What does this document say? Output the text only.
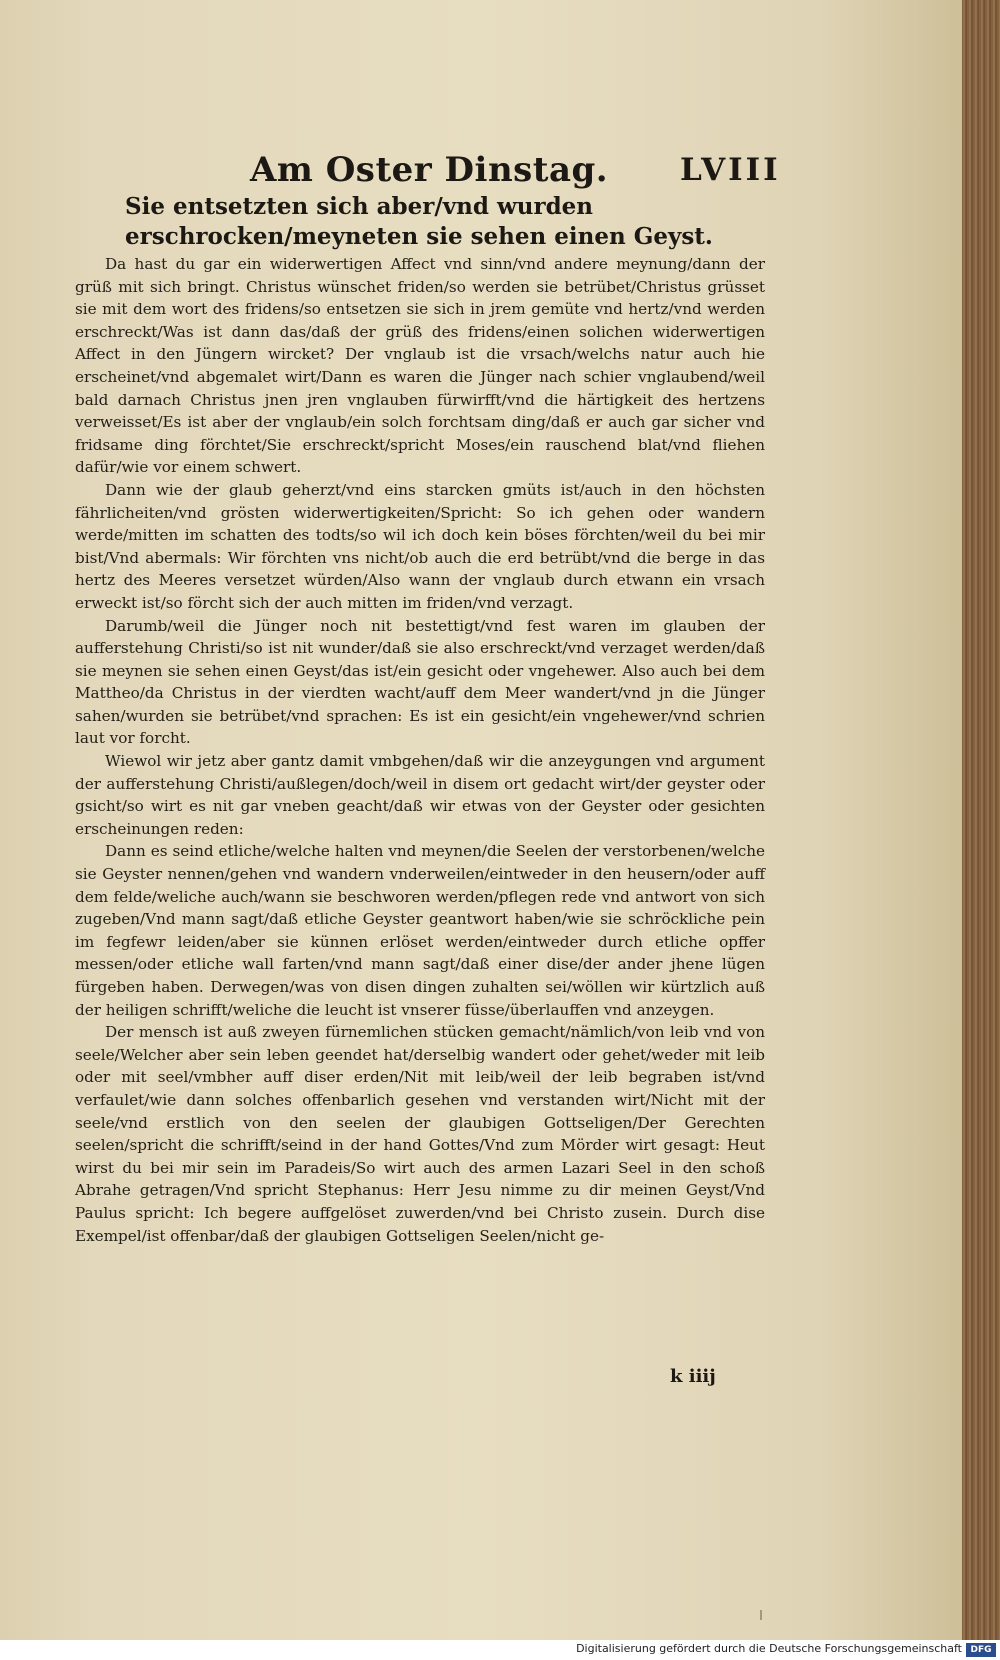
Am Oster Dinstag.	LVIII
Sie entsetzten sich aber/vnd wurden erschrocken/meyneten sie sehen einen Geyst.

Da hast du gar ein widerwertigen Affect vnd sinn/vnd andere meynung/dann der grüß mit sich bringt. Christus wünschet friden/so werden sie betrübet/Christus grüsset sie mit dem wort des fridens/so entsetzen sie sich in jrem gemüte vnd hertz/vnd werden erschreckt/Was ist dann das/daß der grüß des fridens/einen solichen widerwertigen Affect in den Jüngern wircket? Der vnglaub ist die vrsach/welchs natur auch hie erscheinet/vnd abgemalet wirt/Dann es waren die Jünger nach schier vnglaubend/weil bald darnach Christus jnen jren vnglauben fürwirfft/vnd die härtigkeit des hertzens verweisset/Es ist aber der vnglaub/ein solch forchtsam ding/daß er auch gar sicher vnd fridsame ding förchtet/Sie erschreckt/spricht Moses/ein rauschend blat/vnd fliehen dafür/wie vor einem schwert.

Dann wie der glaub geherzt/vnd eins starcken gmüts ist/auch in den höchsten fährlicheiten/vnd grösten widerwertigkeiten/Spricht: So ich gehen oder wandern werde/mitten im schatten des todts/so wil ich doch kein böses förchten/weil du bei mir bist/Vnd abermals: Wir förchten vns nicht/ob auch die erd betrübt/vnd die berge in das hertz des Meeres versetzet würden/Also wann der vnglaub durch etwann ein vrsach erweckt ist/so förcht sich der auch mitten im friden/vnd verzagt.

Darumb/weil die Jünger noch nit bestettigt/vnd fest waren im glauben der aufferstehung Christi/so ist nit wunder/daß sie also erschreckt/vnd verzaget werden/daß sie meynen sie sehen einen Geyst/das ist/ein gesicht oder vngehewer. Also auch bei dem Mattheo/da Christus in der vierdten wacht/auff dem Meer wandert/vnd jn die Jünger sahen/wurden sie betrübet/vnd sprachen: Es ist ein gesicht/ein vngehewer/vnd schrien laut vor forcht.

Wiewol wir jetz aber gantz damit vmbgehen/daß wir die anzeygungen vnd argument der aufferstehung Christi/außlegen/doch/weil in disem ort gedacht wirt/der geyster oder gsicht/so wirt es nit gar vneben geacht/daß wir etwas von der Geyster oder gesichten erscheinungen reden:

Dann es seind etliche/welche halten vnd meynen/die Seelen der verstorbenen/welche sie Geyster nennen/gehen vnd wandern vnderweilen/eintweder in den heusern/oder auff dem felde/weliche auch/wann sie beschworen werden/pflegen rede vnd antwort von sich zugeben/Vnd mann sagt/daß etliche Geyster geantwort haben/wie sie schröckliche pein im fegfewr leiden/aber sie künnen erlöset werden/eintweder durch etliche opffer messen/oder etliche wall farten/vnd mann sagt/daß einer dise/der ander jhene lügen fürgeben haben. Derwegen/was von disen dingen zuhalten sei/wöllen wir kürtzlich auß der heiligen schrifft/weliche die leucht ist vnserer füsse/überlauffen vnd anzeygen.

Der mensch ist auß zweyen fürnemlichen stücken gemacht/nämlich/von leib vnd von seele/Welcher aber sein leben geendet hat/derselbig wandert oder gehet/weder mit leib oder mit seel/vmbher auff diser erden/Nit mit leib/weil der leib begraben ist/vnd verfaulet/wie dann solches offenbarlich gesehen vnd verstanden wirt/Nicht mit der seele/vnd erstlich von den seelen der glaubigen Gottseligen/Der Gerechten seelen/spricht die schrifft/seind in der hand Gottes/Vnd zum Mörder wirt gesagt: Heut wirst du bei mir sein im Paradeis/So wirt auch des armen Lazari Seel in den schoß Abrahe getragen/Vnd spricht Stephanus: Herr Jesu nimme zu dir meinen Geyst/Vnd Paulus spricht: Ich begere auffgelöset zuwerden/vnd bei Christo zusein. Durch dise Exempel/ist offenbar/daß der glaubigen Gottseligen Seelen/nicht ge-

k iiij
Digitalisierung gefördert durch die Deutsche Forschungsgemeinschaft DFG
